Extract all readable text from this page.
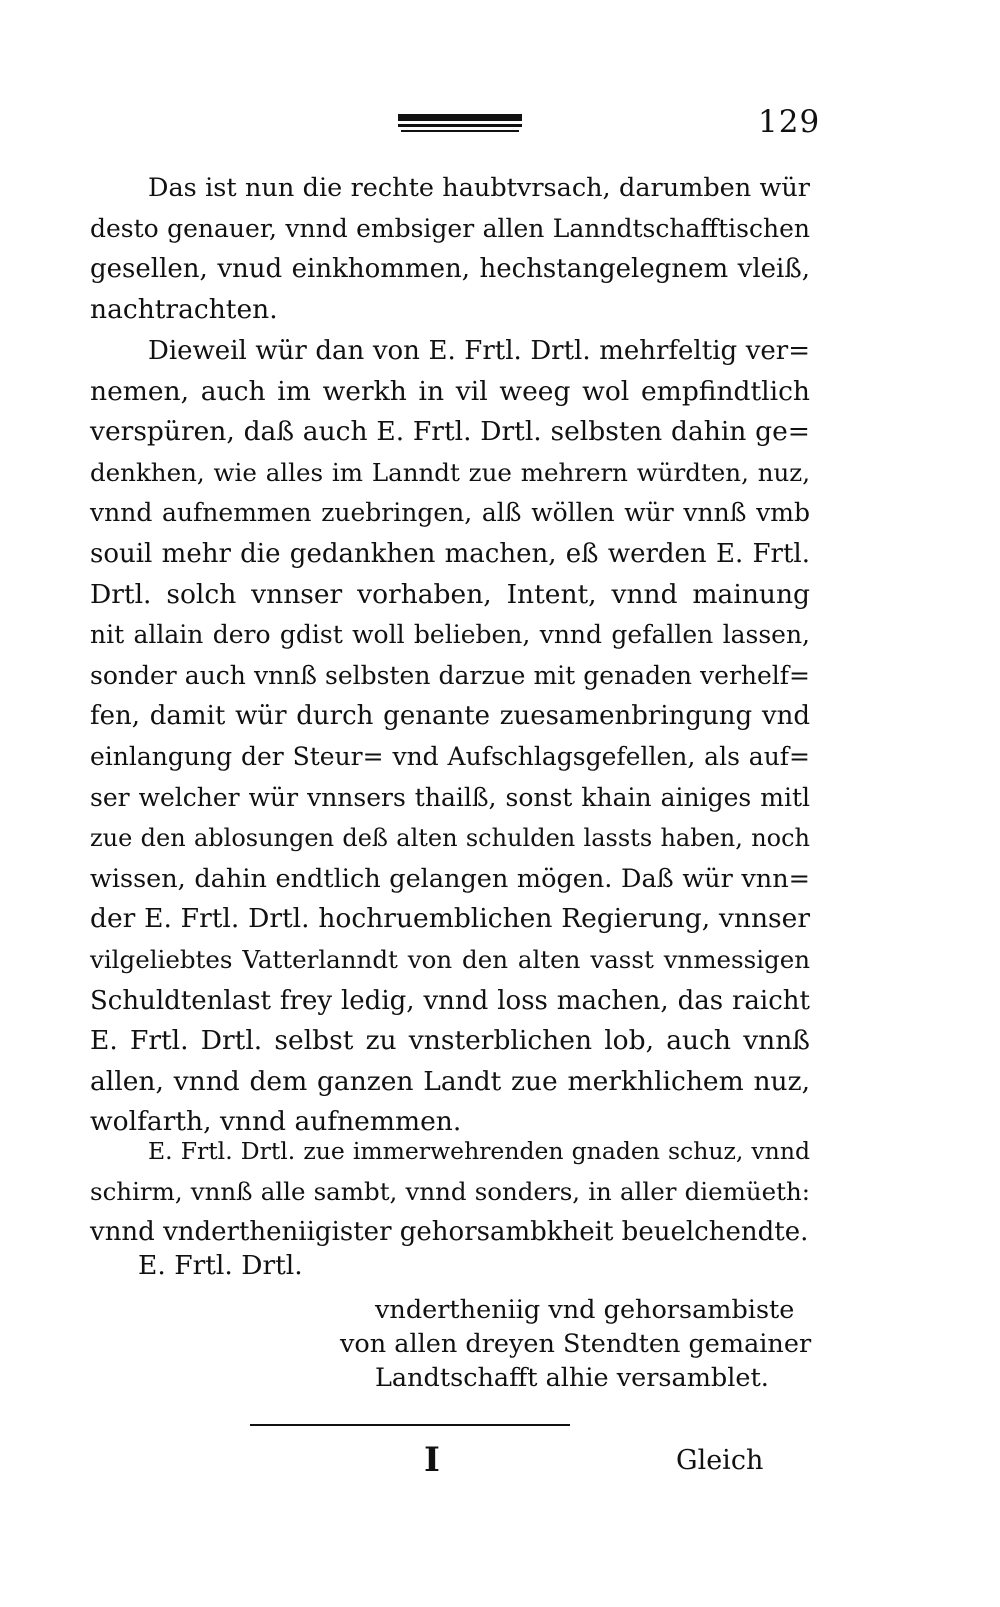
129
Das ist nun die rechte haubtvrsach, darumben wür
desto genauer, vnnd embsiger allen Lanndtschafftischen
gesellen, vnud einkhommen, hechstangelegnem vleiß,
nachtrachten.
Dieweil wür dan von E. Frtl. Drtl. mehrfeltig ver=
nemen, auch im werkh in vil weeg wol empfindtlich
verspüren, daß auch E. Frtl. Drtl. selbsten dahin ge=
denkhen, wie alles im Lanndt zue mehrern würdten, nuz,
vnnd aufnemmen zuebringen, alß wöllen wür vnnß vmb
souil mehr die gedankhen machen, eß werden E. Frtl.
Drtl. solch vnnser vorhaben, Intent, vnnd mainung
nit allain dero gdist woll belieben, vnnd gefallen lassen,
sonder auch vnnß selbsten darzue mit genaden verhelf=
fen, damit wür durch genante zuesamenbringung vnd
einlangung der Steur= vnd Aufschlagsgefellen, als auf=
ser welcher wür vnnsers thailß, sonst khain ainiges mitl
zue den ablosungen deß alten schulden lassts haben, noch
wissen, dahin endtlich gelangen mögen. Daß wür vnn=
der E. Frtl. Drtl. hochruemblichen Regierung, vnnser
vilgeliebtes Vatterlanndt von den alten vasst vnmessigen
Schuldtenlast frey ledig, vnnd loss machen, das raicht
E. Frtl. Drtl. selbst zu vnsterblichen lob, auch vnnß
allen, vnnd dem ganzen Landt zue merkhlichem nuz,
wolfarth, vnnd aufnemmen.
E. Frtl. Drtl. zue immerwehrenden gnaden schuz, vnnd
schirm, vnnß alle sambt, vnnd sonders, in aller diemüeth:
vnnd vndertheniigister gehorsambkheit beuelchendte.
E. Frtl. Drtl.
vndertheniig vnd gehorsambiste
von allen dreyen Stendten gemainer
Landtschafft alhie versamblet.
I	Gleich
